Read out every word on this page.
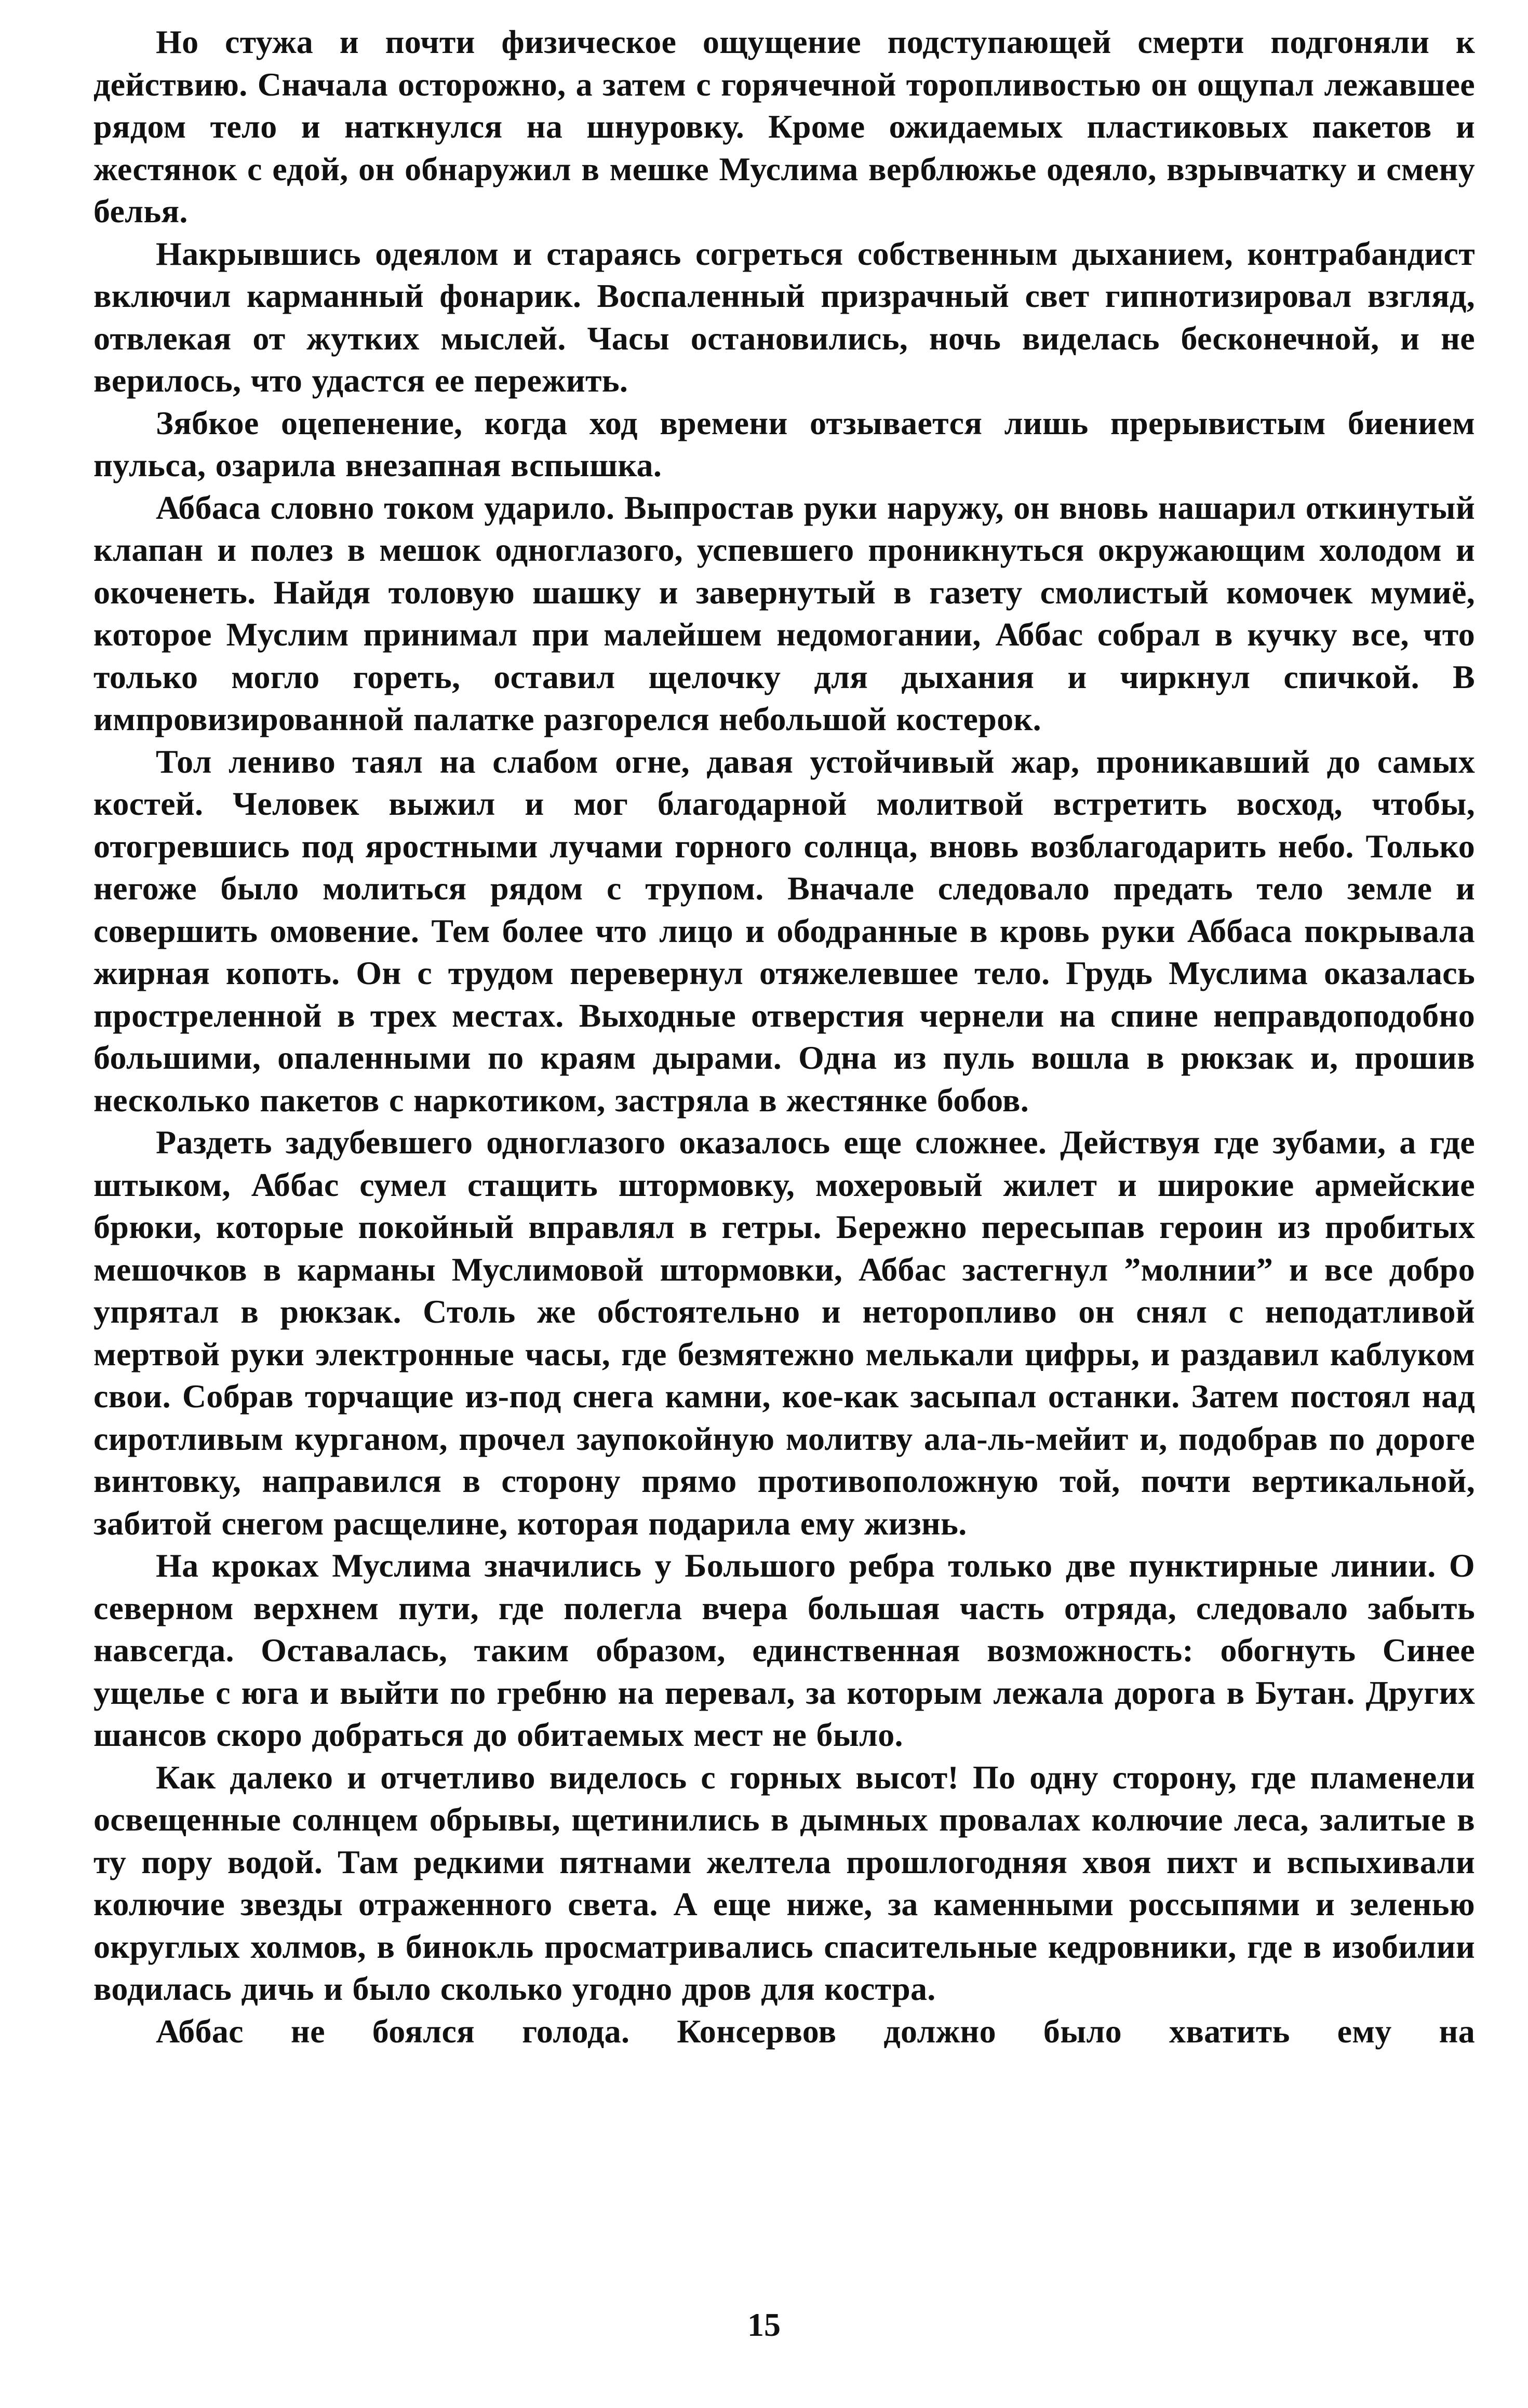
Но стужа и почти физическое ощущение подступающей смерти подгоняли к действию. Сначала осторожно, а затем с горячечной торопливостью он ощупал лежавшее рядом тело и наткнулся на шнуровку. Кроме ожидаемых пластиковых пакетов и жестянок с едой, он обнаружил в мешке Муслима верблюжье одеяло, взрывчатку и смену белья.

Накрывшись одеялом и стараясь согреться собственным дыханием, контрабандист включил карманный фонарик. Воспаленный призрачный свет гипнотизировал взгляд, отвлекая от жутких мыслей. Часы остановились, ночь виделась бесконечной, и не верилось, что удастся ее пережить.

Зябкое оцепенение, когда ход времени отзывается лишь прерывистым биением пульса, озарила внезапная вспышка.

Аббаса словно током ударило. Выпростав руки наружу, он вновь нашарил откинутый клапан и полез в мешок одноглазого, успевшего проникнуться окружающим холодом и окоченеть. Найдя толовую шашку и завернутый в газету смолистый комочек мумиё, которое Муслим принимал при малейшем недомогании, Аббас собрал в кучку все, что только могло гореть, оставил щелочку для дыхания и чиркнул спичкой. В импровизированной палатке разгорелся небольшой костерок.

Тол лениво таял на слабом огне, давая устойчивый жар, проникавший до самых костей. Человек выжил и мог благодарной молитвой встретить восход, чтобы, отогревшись под яростными лучами горного солнца, вновь возблагодарить небо. Только негоже было молиться рядом с трупом. Вначале следовало предать тело земле и совершить омовение. Тем более что лицо и ободранные в кровь руки Аббаса покрывала жирная копоть. Он с трудом перевернул отяжелевшее тело. Грудь Муслима оказалась простреленной в трех местах. Выходные отверстия чернели на спине неправдоподобно большими, опаленными по краям дырами. Одна из пуль вошла в рюкзак и, прошив несколько пакетов с наркотиком, застряла в жестянке бобов.

Раздеть задубевшего одноглазого оказалось еще сложнее. Действуя где зубами, а где штыком, Аббас сумел стащить штормовку, мохеровый жилет и широкие армейские брюки, которые покойный вправлял в гетры. Бережно пересыпав героин из пробитых мешочков в карманы Муслимовой штормовки, Аббас застегнул ”молнии” и все добро упрятал в рюкзак. Столь же обстоятельно и неторопливо он снял с неподатливой мертвой руки электронные часы, где безмятежно мелькали цифры, и раздавил каблуком свои. Собрав торчащие из-под снега камни, кое-как засыпал останки. Затем постоял над сиротливым курганом, прочел заупокойную молитву ала-ль-мейит и, подобрав по дороге винтовку, направился в сторону прямо противоположную той, почти вертикальной, забитой снегом расщелине, которая подарила ему жизнь.

На кроках Муслима значились у Большого ребра только две пунктирные линии. О северном верхнем пути, где полегла вчера большая часть отряда, следовало забыть навсегда. Оставалась, таким образом, единственная возможность: обогнуть Синее ущелье с юга и выйти по гребню на перевал, за которым лежала дорога в Бутан. Других шансов скоро добраться до обитаемых мест не было.

Как далеко и отчетливо виделось с горных высот! По одну сторону, где пламенели освещенные солнцем обрывы, щетинились в дымных провалах колючие леса, залитые в ту пору водой. Там редкими пятнами желтела прошлогодняя хвоя пихт и вспыхивали колючие звезды отраженного света. А еще ниже, за каменными россыпями и зеленью округлых холмов, в бинокль просматривались спасительные кедровники, где в изобилии водилась дичь и было сколько угодно дров для костра.

Аббас не боялся голода. Консервов должно было хватить ему на

15
